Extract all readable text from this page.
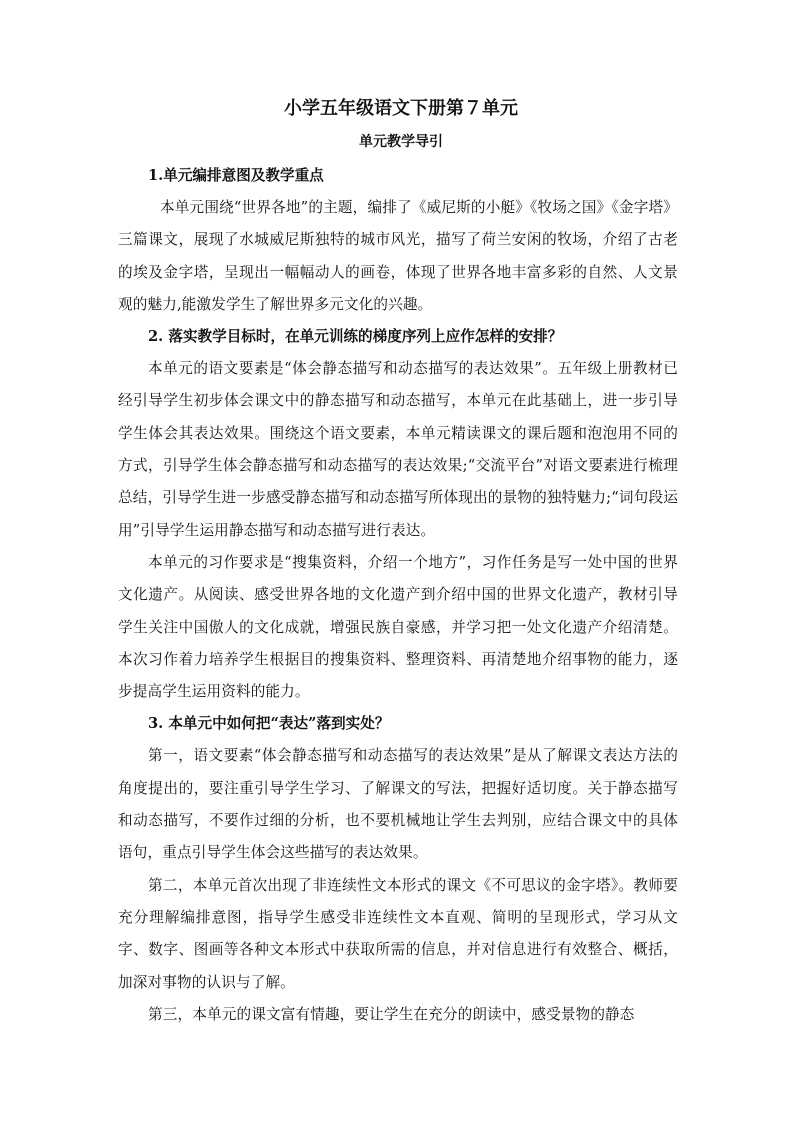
小学五年级语文下册第７单元
单元教学导引

1.单元编排意图及教学重点

本单元围绕“世界各地”的主题，编排了《威尼斯的小艇》《牧场之国》《金字塔》三篇课文，展现了水城威尼斯独特的城市风光，描写了荷兰安闲的牧场，介绍了古老的埃及金字塔，呈现出一幅幅动人的画卷，体现了世界各地丰富多彩的自然、人文景观的魅力,能激发学生了解世界多元文化的兴趣。

2. 落实教学目标时，在单元训练的梯度序列上应作怎样的安排？

本单元的语文要素是“体会静态描写和动态描写的表达效果”。五年级上册教材已经引导学生初步体会课文中的静态描写和动态描写，本单元在此基础上，进一步引导学生体会其表达效果。围绕这个语文要素，本单元精读课文的课后题和泡泡用不同的方式，引导学生体会静态描写和动态描写的表达效果;“交流平台”对语文要素进行梳理总结，引导学生进一步感受静态描写和动态描写所体现出的景物的独特魅力;“词句段运用”引导学生运用静态描写和动态描写进行表达。

本单元的习作要求是“搜集资料，介绍一个地方”，习作任务是写一处中国的世界文化遗产。从阅读、感受世界各地的文化遗产到介绍中国的世界文化遗产，教材引导学生关注中国傲人的文化成就，增强民族自豪感，并学习把一处文化遗产介绍清楚。本次习作着力培养学生根据目的搜集资料、整理资料、再清楚地介绍事物的能力，逐步提高学生运用资料的能力。

3. 本单元中如何把“表达”落到实处？

第一，语文要素“体会静态描写和动态描写的表达效果”是从了解课文表达方法的角度提出的，要注重引导学生学习、了解课文的写法，把握好适切度。关于静态描写和动态描写，不要作过细的分析，也不要机械地让学生去判别，应结合课文中的具体语句，重点引导学生体会这些描写的表达效果。

第二，本单元首次出现了非连续性文本形式的课文《不可思议的金字塔》。教师要充分理解编排意图，指导学生感受非连续性文本直观、简明的呈现形式，学习从文字、数字、图画等各种文本形式中获取所需的信息，并对信息进行有效整合、概括，加深对事物的认识与了解。

第三，本单元的课文富有情趣，要让学生在充分的朗读中，感受景物的静态
